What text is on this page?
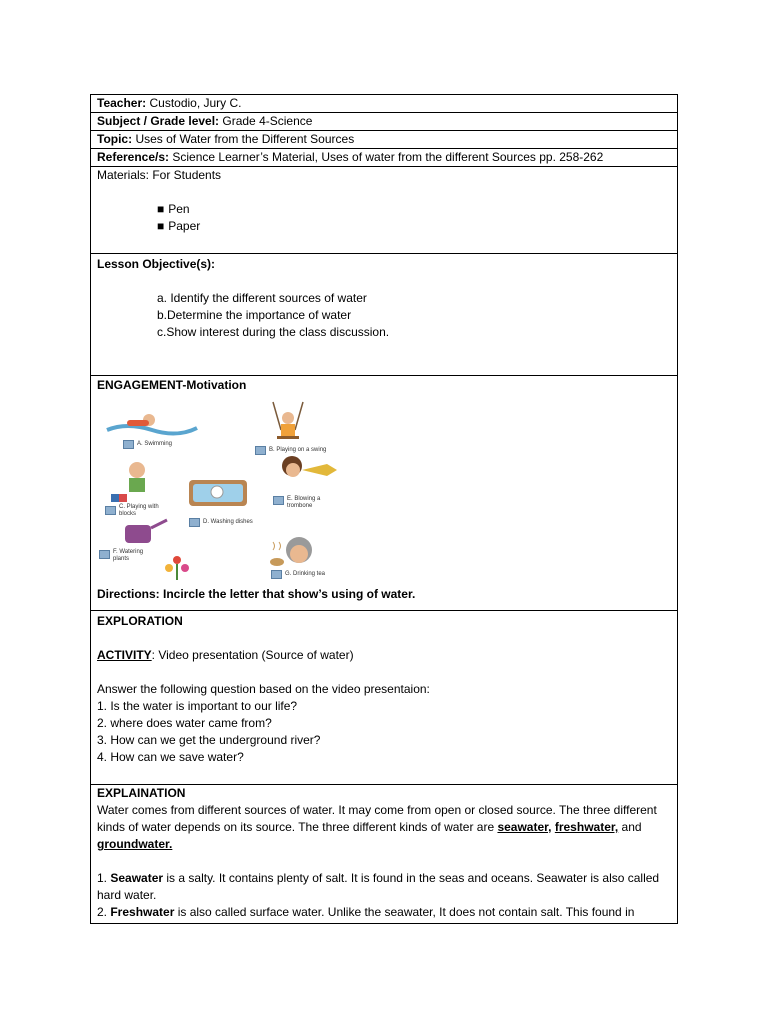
Teacher: Custodio, Jury C.
Subject / Grade level: Grade 4-Science
Topic: Uses of Water from the Different Sources
Reference/s: Science Learner’s Material, Uses of water from the different Sources pp. 258-262

Materials: For Students
■ Pen
■ Paper

Lesson Objective(s):
a. Identify the different sources of water
b.Determine the importance of water
c.Show interest during the class discussion.

ENGAGEMENT-Motivation
A. Swimming
B. Playing on a swing
C. Playing with
blocks
D. Washing dishes
E. Blowing a
trombone
F. Watering
plants
G. Drinking tea
Directions: Incircle the letter that show’s using of water.

EXPLORATION
ACTIVITY: Video presentation (Source of water)
Answer the following question based on the video presentaion:
1. Is the water is important to our life?
2. where does water came from?
3. How can we get the underground river?
4. How can we save water?

EXPLAINATION
Water comes from different sources of water. It may come from open or closed source. The three different kinds of water depends on its source. The three different kinds of water are seawater, freshwater, and groundwater.
1. Seawater is a salty. It contains plenty of salt. It is found in the seas and oceans. Seawater is also called hard water.
2. Freshwater is also called surface water. Unlike the seawater, It does not contain salt. This found in
